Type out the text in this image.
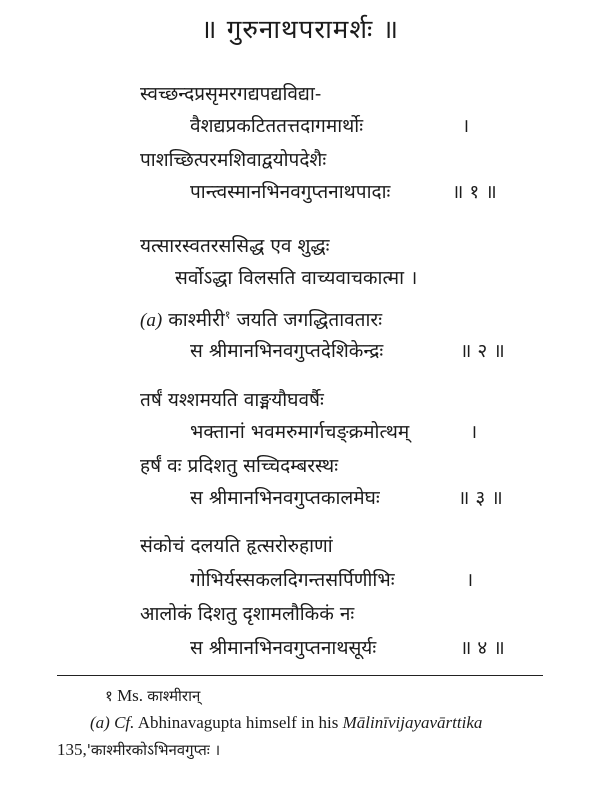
॥ गुरुनाथपरामर्शः ॥
स्वच्छन्दप्रसृमरगद्यपद्यविद्या-
वैशद्यप्रकटिततत्तदागमार्थोः	।
पाशच्छित्परमशिवाद्वयोपदेशैः
पान्त्वस्मानभिनवगुप्तनाथपादाः	॥ १ ॥
यत्सारस्वतरससिद्ध एव शुद्धः
सर्वोऽद्धा विलसति वाच्यवाचकात्मा ।
(a) काश्मीरी$^१$ जयति जगद्धितावतारः
स श्रीमानभिनवगुप्तदेशिकेन्द्रः	॥ २ ॥
तर्षं यश्शमयति वाङ्मयौघवर्षैः
भक्तानां भवमरुमार्गचङ्क्रमोत्थम्	।
हर्षं वः प्रदिशतु सच्चिदम्बरस्थः
स श्रीमानभिनवगुप्तकालमेघः	॥ ३ ॥
संकोचं दलयति हृत्सरोरुहाणां
गोभिर्यस्सकलदिगन्तसर्पिणीभिः	।
आलोकं दिशतु दृशामलौकिकं नः
स श्रीमानभिनवगुप्तनाथसूर्यः	॥ ४ ॥
१ Ms. काश्मीरान्
(a) Cf. Abhinavagupta himself in his Mālinīvijayavārttika
135,'काश्मीरकोऽभिनवगुप्तः ।
